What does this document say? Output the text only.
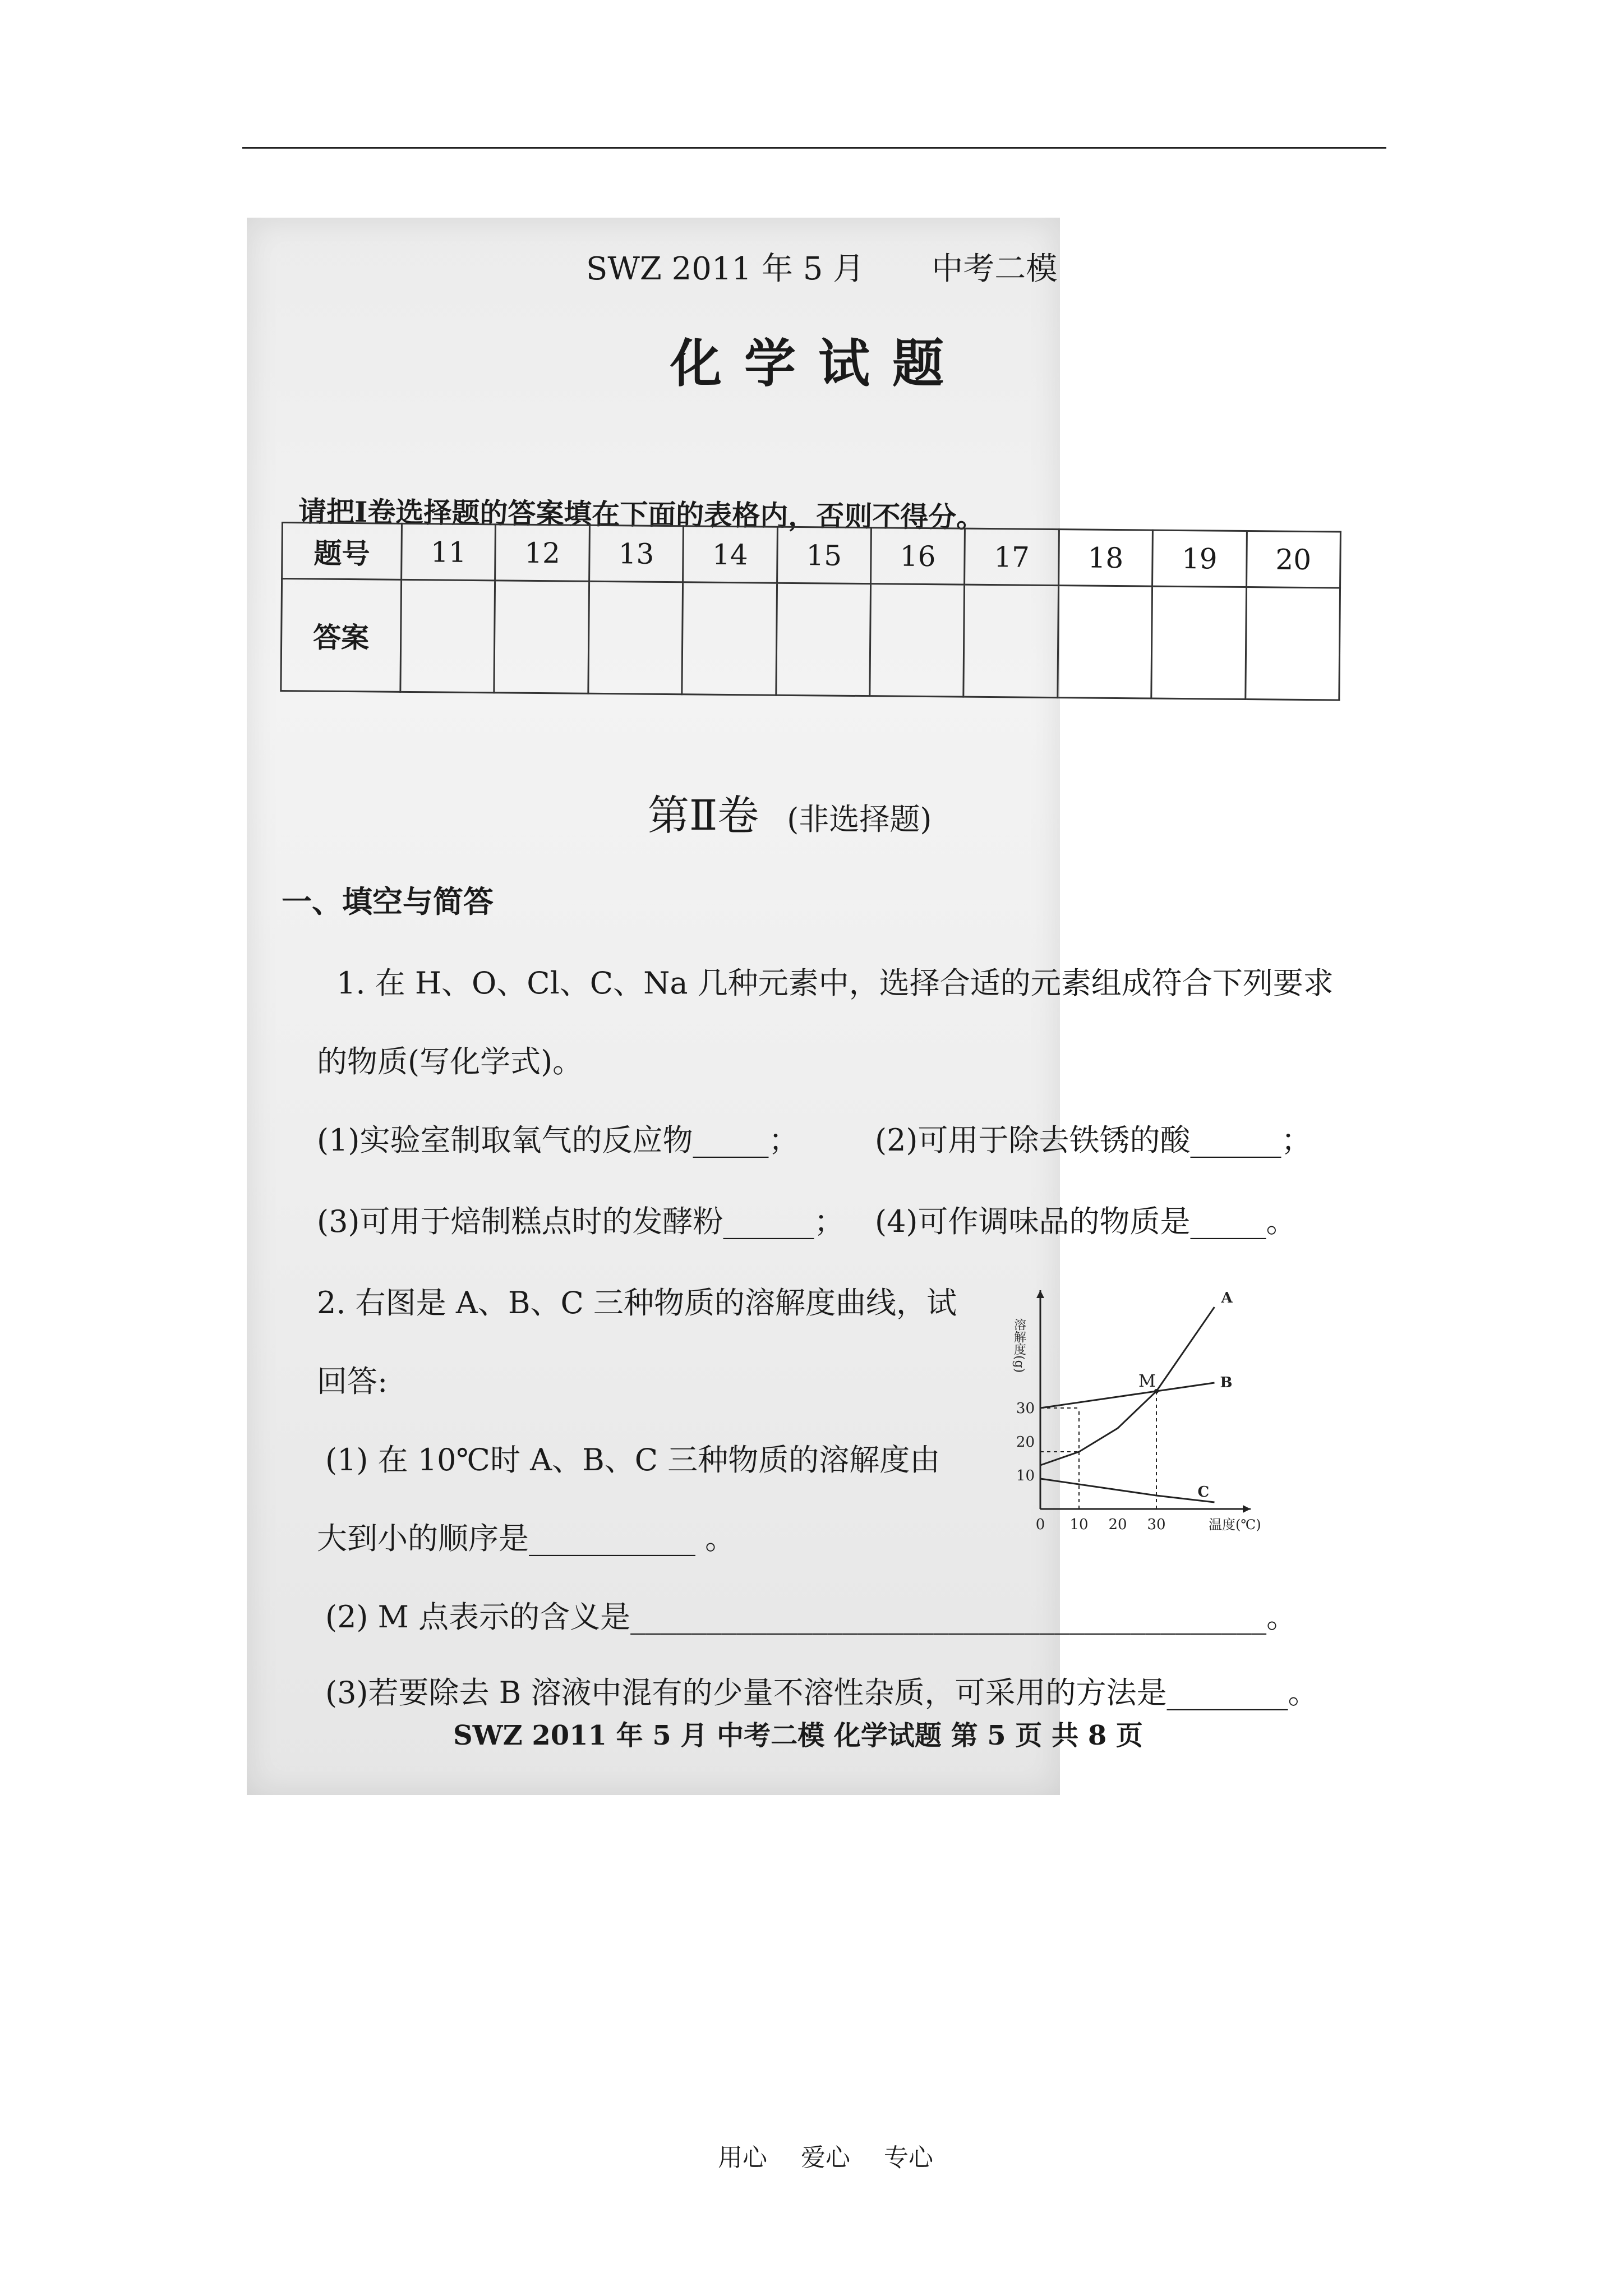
SWZ 2011 年 5 月 中考二模
化学试题
请把Ⅰ卷选择题的答案填在下面的表格内，否则不得分。
题号	11	12	13	14	15	16	17	18	19	20
答案										
第Ⅱ卷 (非选择题)
一、填空与简答
1. 在 H、O、Cl、C、Na 几种元素中，选择合适的元素组成符合下列要求
的物质(写化学式)。
(1)实验室制取氧气的反应物_____；	(2)可用于除去铁锈的酸______；
(3)可用于焙制糕点时的发酵粉______； (4)可作调味品的物质是_____。
2. 右图是 A、B、C 三种物质的溶解度曲线，试
回答:
(1) 在 10℃时 A、B、C 三种物质的溶解度由
大到小的顺序是___________ 。
(2) M 点表示的含义是__________________________________________。
(3)若要除去 B 溶液中混有的少量不溶性杂质，可采用的方法是________。
0 10 20 30
10
20
30
溶解度(g)
温度(℃)
A
B
C
M
SWZ 2011 年 5 月 中考二模 化学试题 第 5 页 共 8 页
用心 爱心 专心
